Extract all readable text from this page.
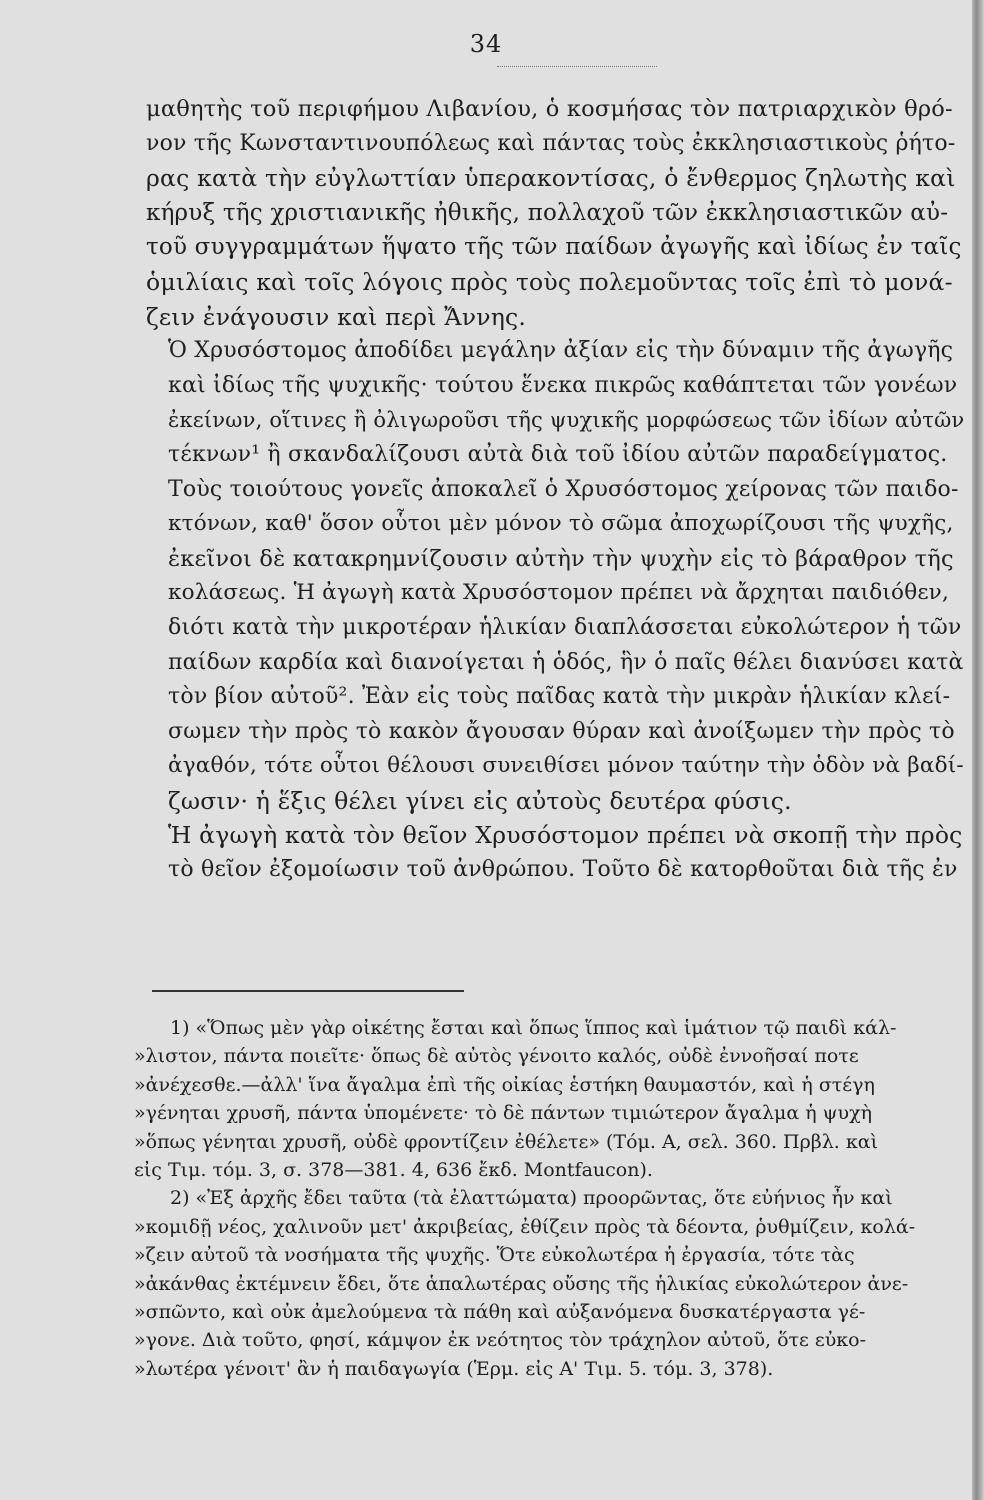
34

μαθητὴς τοῦ περιφήμου Λιβανίου, ὁ κοσμήσας τὸν πατριαρχικὸν θρό-
νον τῆς Κωνσταντινουπόλεως καὶ πάντας τοὺς ἐκκλησιαστικοὺς ῥήτο-
ρας κατὰ τὴν εὐγλωττίαν ὑπερακοντίσας, ὁ ἔνθερμος ζηλωτὴς καὶ
κήρυξ τῆς χριστιανικῆς ἠθικῆς, πολλαχοῦ τῶν ἐκκλησιαστικῶν αὐ-
τοῦ συγγραμμάτων ἥψατο τῆς τῶν παίδων ἀγωγῆς καὶ ἰδίως ἐν ταῖς
ὁμιλίαις καὶ τοῖς λόγοις πρὸς τοὺς πολεμοῦντας τοῖς ἐπὶ τὸ μονά-
ζειν ἐνάγουσιν καὶ περὶ Ἄννης.

Ὁ Χρυσόστομος ἀποδίδει μεγάλην ἀξίαν εἰς τὴν δύναμιν τῆς ἀγωγῆς
καὶ ἰδίως τῆς ψυχικῆς· τούτου ἕνεκα πικρῶς καθάπτεται τῶν γονέων
ἐκείνων, οἵτινες ἢ ὀλιγωροῦσι τῆς ψυχικῆς μορφώσεως τῶν ἰδίων αὐτῶν
τέκνων¹ ἢ σκανδαλίζουσι αὐτὰ διὰ τοῦ ἰδίου αὐτῶν παραδείγματος.
Τοὺς τοιούτους γονεῖς ἀποκαλεῖ ὁ Χρυσόστομος χείρονας τῶν παιδο-
κτόνων, καθ' ὅσον οὗτοι μὲν μόνον τὸ σῶμα ἀποχωρίζουσι τῆς ψυχῆς,
ἐκεῖνοι δὲ κατακρημνίζουσιν αὐτὴν τὴν ψυχὴν εἰς τὸ βάραθρον τῆς
κολάσεως. Ἡ ἀγωγὴ κατὰ Χρυσόστομον πρέπει νὰ ἄρχηται παιδιόθεν,
διότι κατὰ τὴν μικροτέραν ἡλικίαν διαπλάσσεται εὐκολώτερον ἡ τῶν
παίδων καρδία καὶ διανοίγεται ἡ ὁδός, ἣν ὁ παῖς θέλει διανύσει κατὰ
τὸν βίον αὐτοῦ². Ἐὰν εἰς τοὺς παῖδας κατὰ τὴν μικρὰν ἡλικίαν κλεί-
σωμεν τὴν πρὸς τὸ κακὸν ἄγουσαν θύραν καὶ ἀνοίξωμεν τὴν πρὸς τὸ
ἀγαθόν, τότε οὗτοι θέλουσι συνειθίσει μόνον ταύτην τὴν ὁδὸν νὰ βαδί-
ζωσιν· ἡ ἕξις θέλει γίνει εἰς αὐτοὺς δευτέρα φύσις.

Ἡ ἀγωγὴ κατὰ τὸν θεῖον Χρυσόστομον πρέπει νὰ σκοπῇ τὴν πρὸς
τὸ θεῖον ἐξομοίωσιν τοῦ ἀνθρώπου. Τοῦτο δὲ κατορθοῦται διὰ τῆς ἐν

1) «Ὅπως μὲν γὰρ οἰκέτης ἔσται καὶ ὅπως ἵππος καὶ ἱμάτιον τῷ παιδὶ κάλ-
»λιστον, πάντα ποιεῖτε· ὅπως δὲ αὐτὸς γένοιτο καλός, οὐδὲ ἐννοῆσαί ποτε
»ἀνέχεσθε.—ἀλλ' ἵνα ἄγαλμα ἐπὶ τῆς οἰκίας ἑστήκη θαυμαστόν, καὶ ἡ στέγη
»γένηται χρυσῆ, πάντα ὑπομένετε· τὸ δὲ πάντων τιμιώτερον ἄγαλμα ἡ ψυχὴ
»ὅπως γένηται χρυσῆ, οὐδὲ φροντίζειν ἐθέλετε» (Τόμ. Α, σελ. 360. Πρβλ. καὶ
εἰς Τιμ. τόμ. 3, σ. 378—381. 4, 636 ἔκδ. Montfaucon).
2) «Ἐξ ἀρχῆς ἔδει ταῦτα (τὰ ἐλαττώματα) προορῶντας, ὅτε εὐήνιος ἦν καὶ
»κομιδῇ νέος, χαλινοῦν μετ' ἀκριβείας, ἐθίζειν πρὸς τὰ δέοντα, ῥυθμίζειν, κολά-
»ζειν αὐτοῦ τὰ νοσήματα τῆς ψυχῆς. Ὅτε εὐκολωτέρα ἡ ἐργασία, τότε τὰς
»ἀκάνθας ἐκτέμνειν ἔδει, ὅτε ἁπαλωτέρας οὔσης τῆς ἡλικίας εὐκολώτερον ἀνε-
»σπῶντο, καὶ οὐκ ἀμελούμενα τὰ πάθη καὶ αὐξανόμενα δυσκατέργαστα γέ-
»γονε. Διὰ τοῦτο, φησί, κάμψον ἐκ νεότητος τὸν τράχηλον αὐτοῦ, ὅτε εὐκο-
»λωτέρα γένοιτ' ἂν ἡ παιδαγωγία (Ἑρμ. εἰς Α' Τιμ. 5. τόμ. 3, 378).
